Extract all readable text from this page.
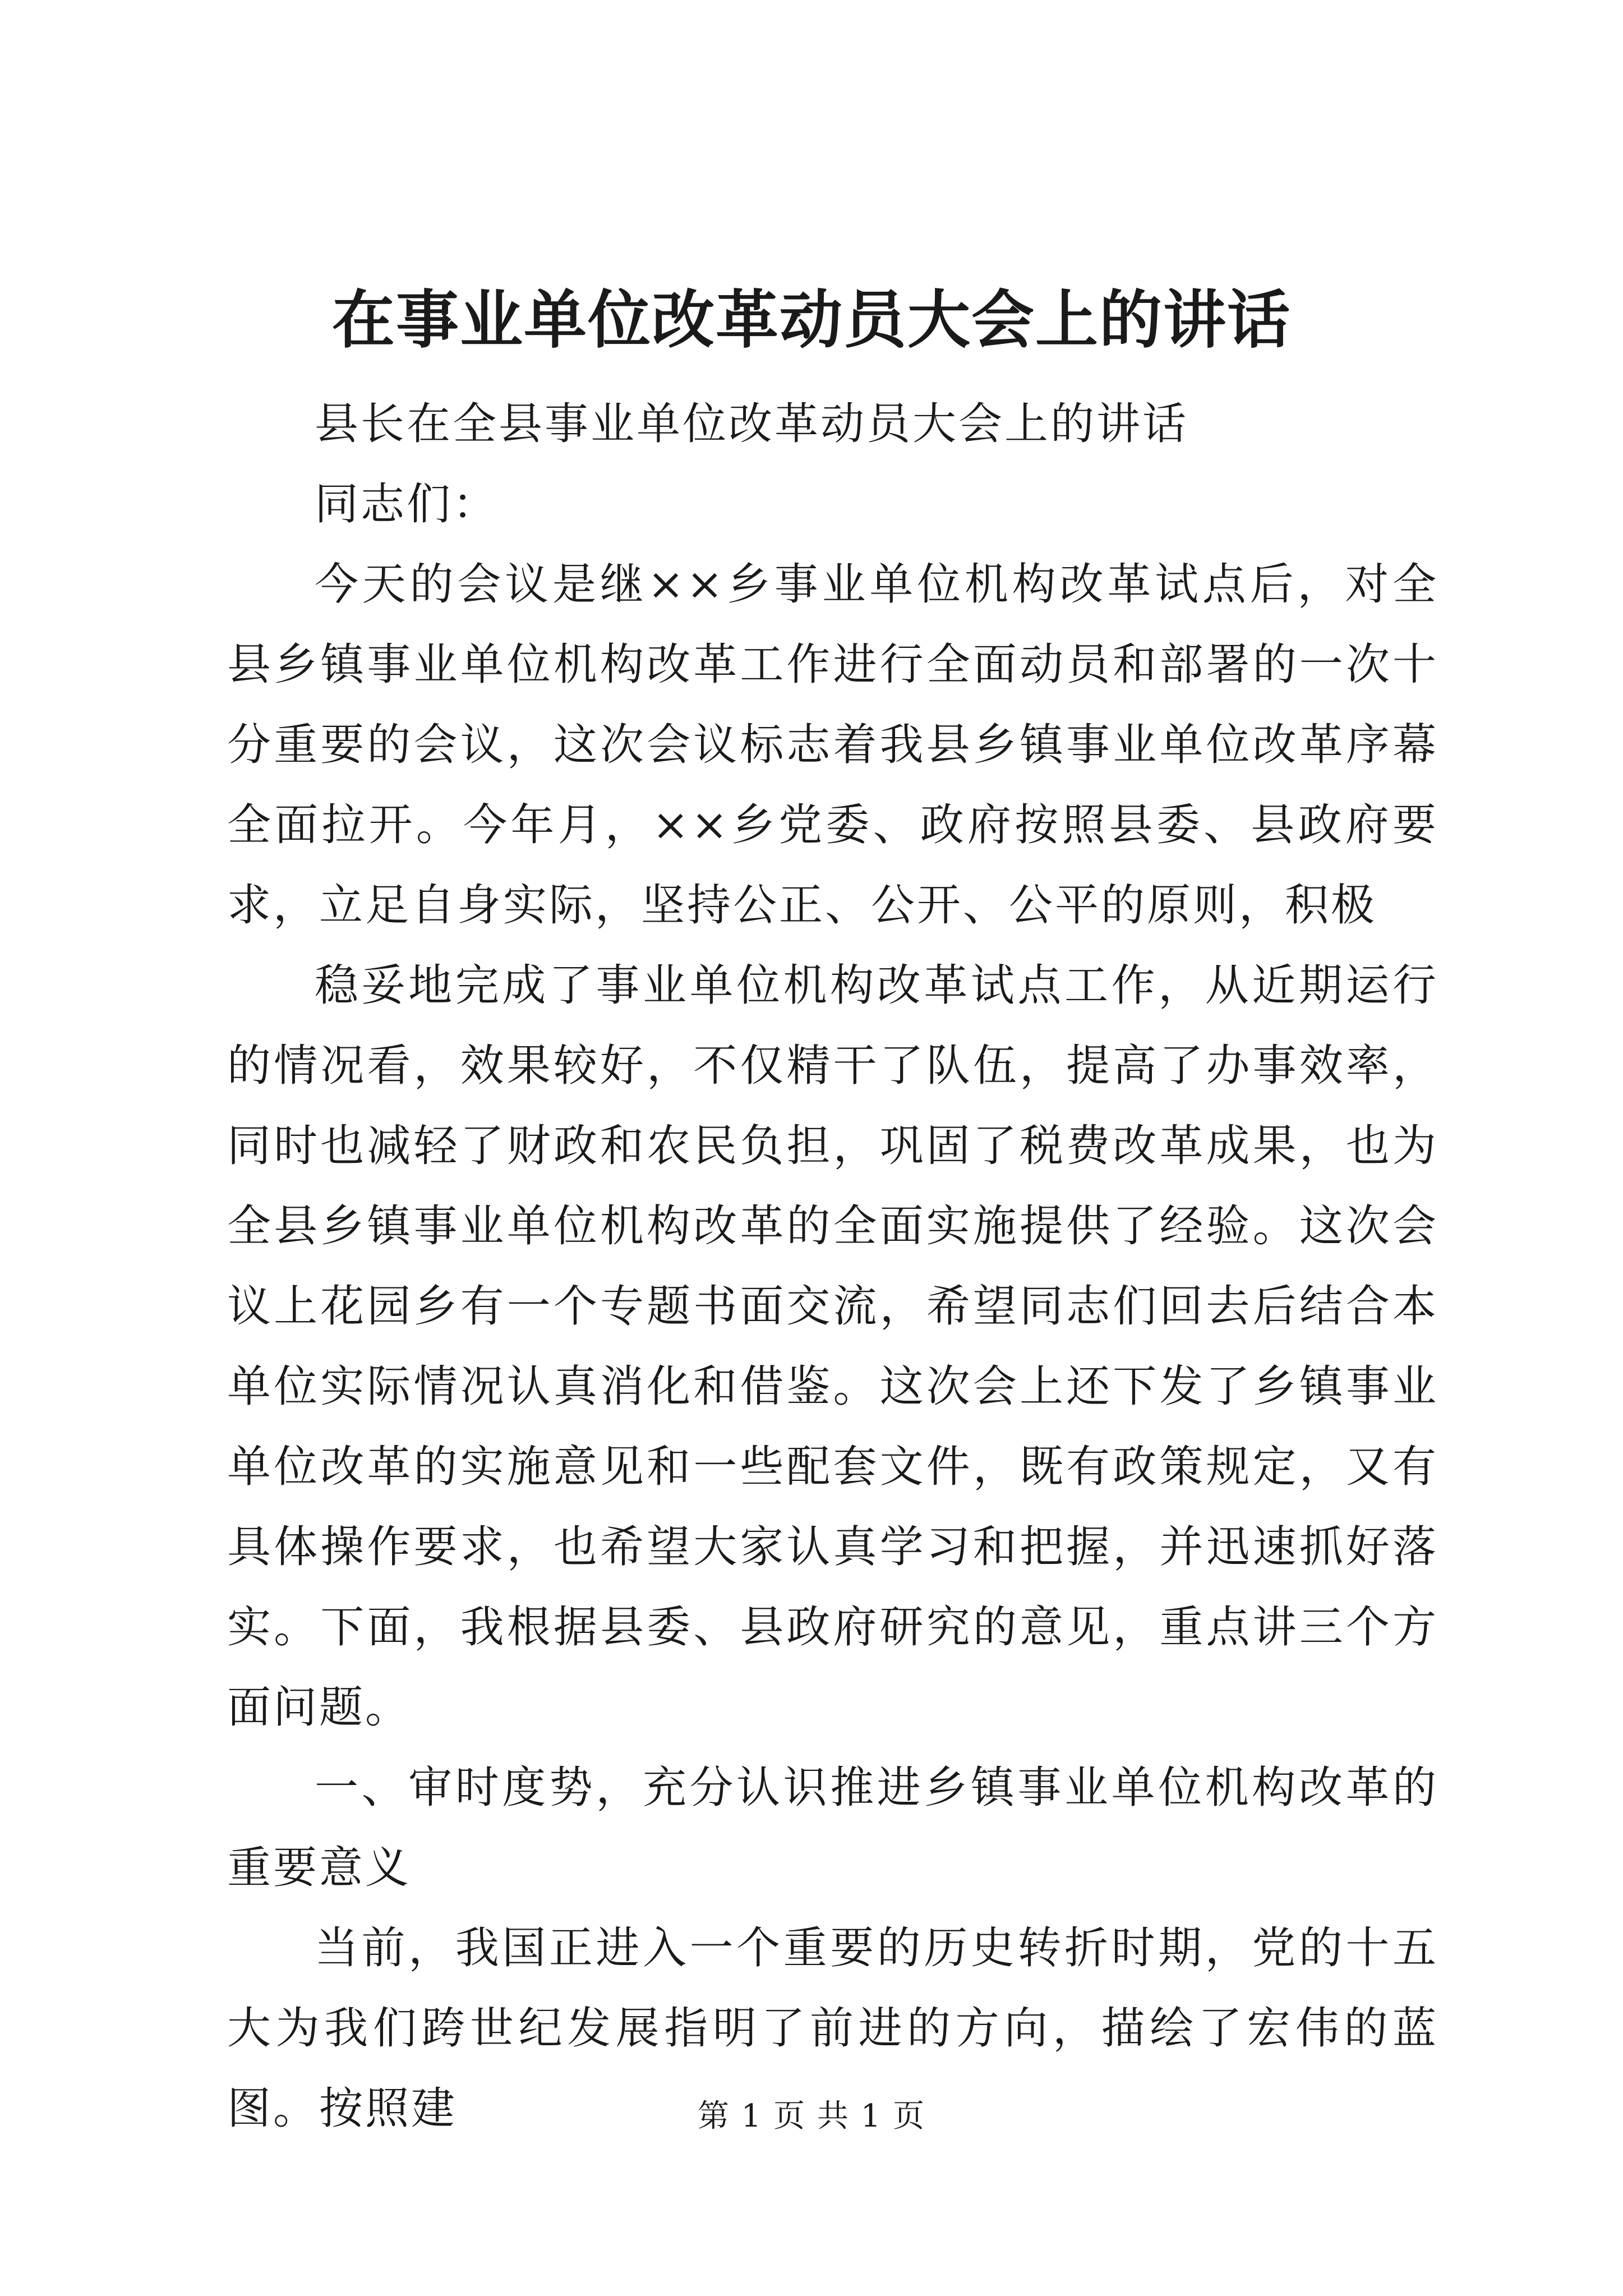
在事业单位改革动员大会上的讲话

县长在全县事业单位改革动员大会上的讲话

同志们：

今天的会议是继××乡事业单位机构改革试点后，对全县乡镇事业单位机构改革工作进行全面动员和部署的一次十分重要的会议，这次会议标志着我县乡镇事业单位改革序幕全面拉开。今年月，××乡党委、政府按照县委、县政府要求，立足自身实际，坚持公正、公开、公平的原则，积极

稳妥地完成了事业单位机构改革试点工作，从近期运行的情况看，效果较好，不仅精干了队伍，提高了办事效率，同时也减轻了财政和农民负担，巩固了税费改革成果，也为全县乡镇事业单位机构改革的全面实施提供了经验。这次会议上花园乡有一个专题书面交流，希望同志们回去后结合本单位实际情况认真消化和借鉴。这次会上还下发了乡镇事业单位改革的实施意见和一些配套文件，既有政策规定，又有具体操作要求，也希望大家认真学习和把握，并迅速抓好落实。下面，我根据县委、县政府研究的意见，重点讲三个方面问题。

一、审时度势，充分认识推进乡镇事业单位机构改革的重要意义

当前，我国正进入一个重要的历史转折时期，党的十五大为我们跨世纪发展指明了前进的方向，描绘了宏伟的蓝图。按照建	第 1 页 共 1 页
